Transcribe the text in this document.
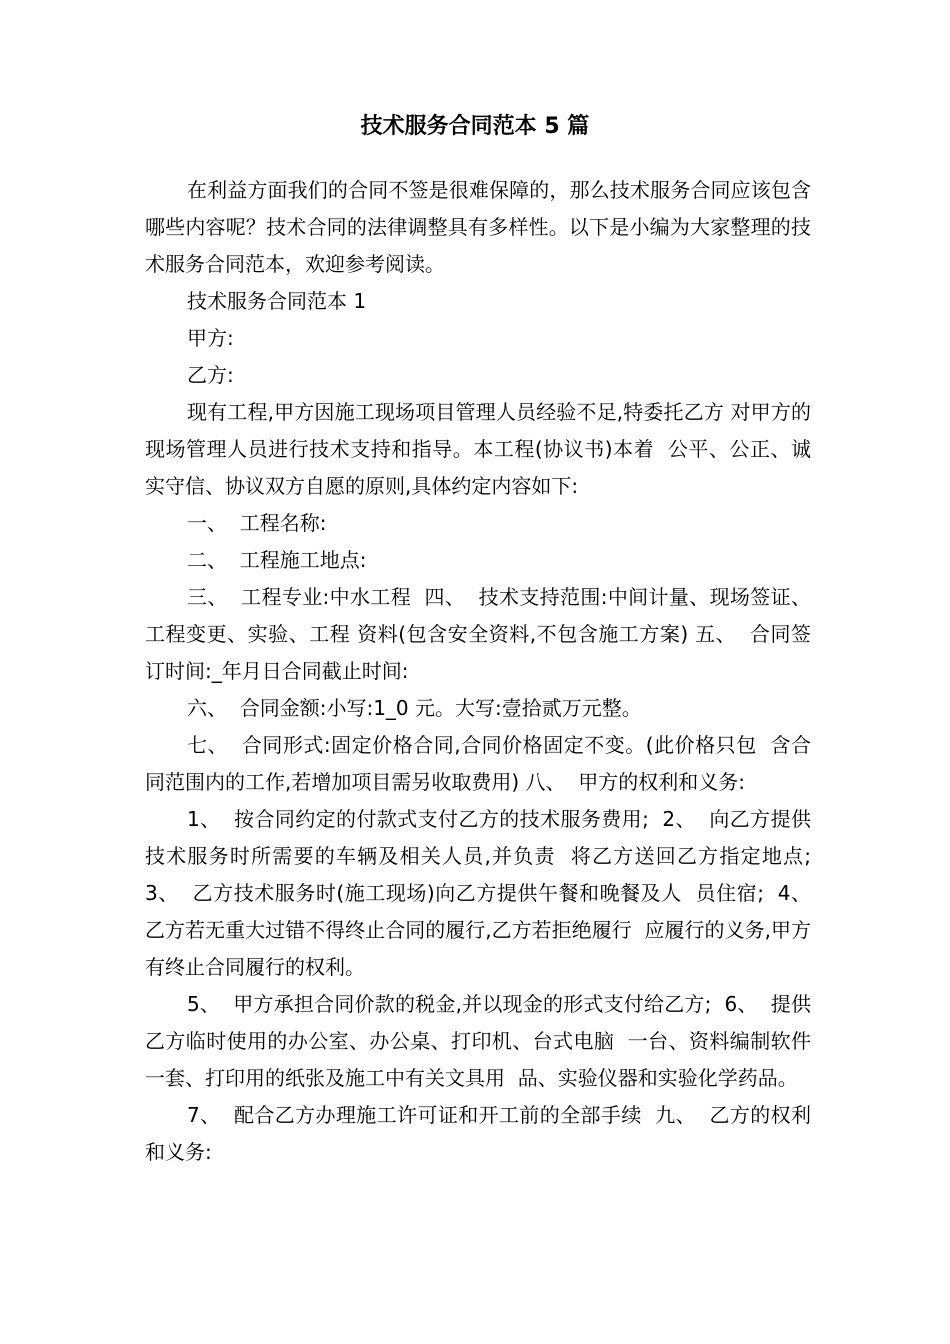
技术服务合同范本 5 篇

在利益方面我们的合同不签是很难保障的，那么技术服务合同应该包含哪些内容呢？技术合同的法律调整具有多样性。以下是小编为大家整理的技术服务合同范本，欢迎参考阅读。

技术服务合同范本 1

甲方:

乙方:

现有工程,甲方因施工现场项目管理人员经验不足,特委托乙方 对甲方的现场管理人员进行技术支持和指导。本工程(协议书)本着  公平、公正、诚实守信、协议双方自愿的原则,具体约定内容如下:

一、  工程名称:

二、  工程施工地点:

三、  工程专业:中水工程  四、  技术支持范围:中间计量、现场签证、工程变更、实验、工程 资料(包含安全资料,不包含施工方案) 五、  合同签订时间:_年月日合同截止时间:

六、  合同金额:小写:1_0 元。大写:壹拾贰万元整。

七、  合同形式:固定价格合同,合同价格固定不变。(此价格只包  含合同范围内的工作,若增加项目需另收取费用) 八、  甲方的权利和义务:

1、  按合同约定的付款式支付乙方的技术服务费用;  2、  向乙方提供技术服务时所需要的车辆及相关人员,并负责  将乙方送回乙方指定地点;  3、  乙方技术服务时(施工现场)向乙方提供午餐和晚餐及人  员住宿;  4、  乙方若无重大过错不得终止合同的履行,乙方若拒绝履行  应履行的义务,甲方有终止合同履行的权利。

5、  甲方承担合同价款的税金,并以现金的形式支付给乙方;  6、  提供乙方临时使用的办公室、办公桌、打印机、台式电脑  一台、资料编制软件一套、打印用的纸张及施工中有关文具用  品、实验仪器和实验化学药品。

7、  配合乙方办理施工许可证和开工前的全部手续  九、  乙方的权利和义务:
